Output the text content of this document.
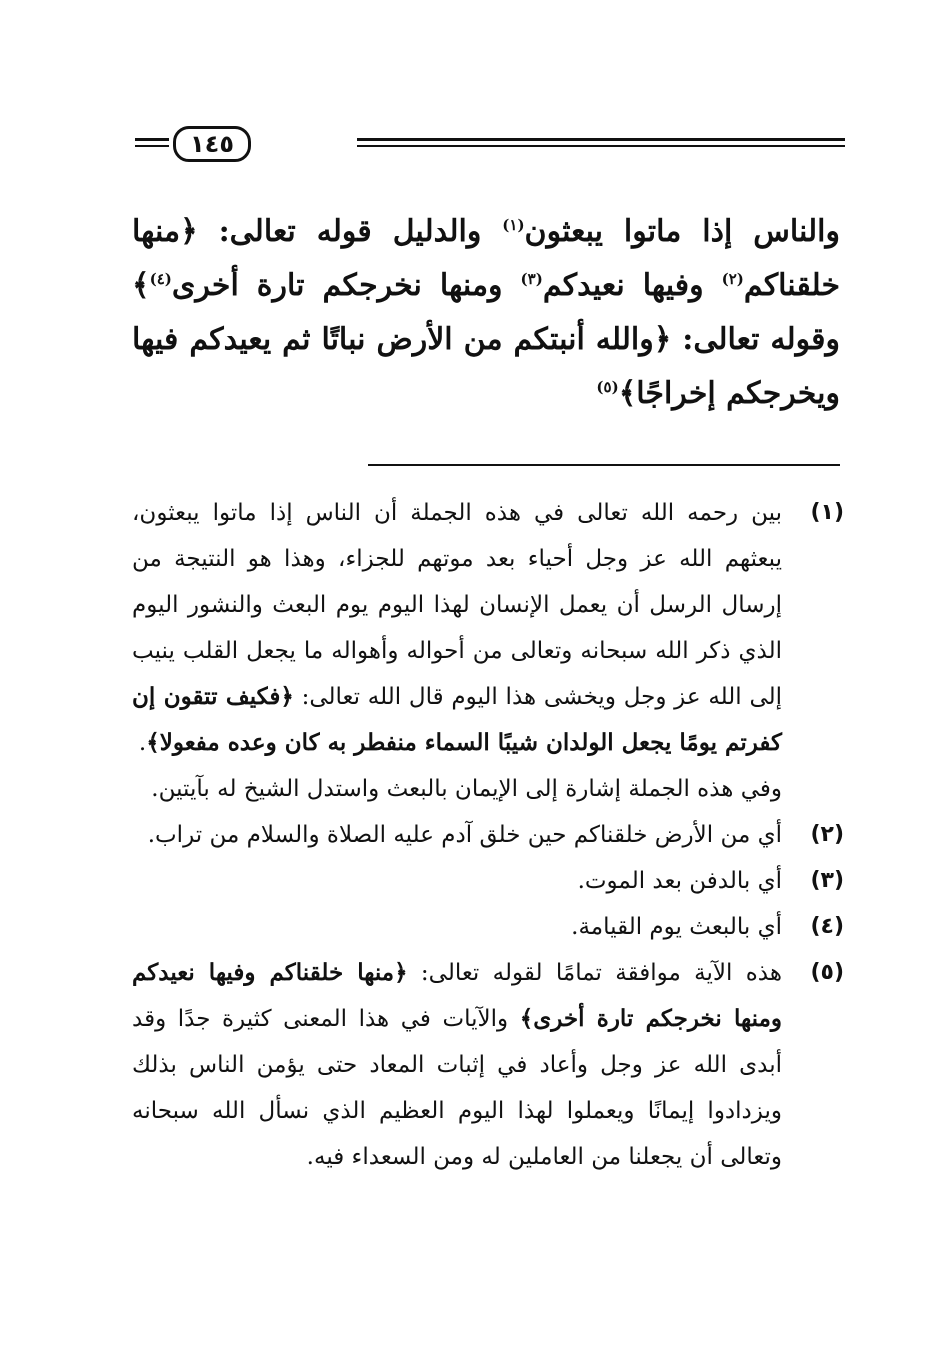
١٤٥
والناس إذا ماتوا يبعثون$^{(١)}$ والدليل قوله تعالى: ﴿منها خلقناكم$^{(٢)}$ وفيها نعيدكم$^{(٣)}$ ومنها نخرجكم تارة أخرى$^{(٤)}$﴾وقوله تعالى: ﴿والله أنبتكم من الأرض نباتًا ثم يعيدكم فيها ويخرجكم إخراجًا﴾$^{(٥)}$
(١)
بين رحمه الله تعالى في هذه الجملة أن الناس إذا ماتوا يبعثون، يبعثهم الله عز وجل أحياء بعد موتهم للجزاء، وهذا هو النتيجة من إرسال الرسل أن يعمل الإنسان لهذا اليوم يوم البعث والنشور اليوم الذي ذكر الله سبحانه وتعالى من أحواله وأهواله ما يجعل القلب ينيب إلى الله عز وجل ويخشى هذا اليوم قال الله تعالى: ﴿فكيف تتقون إن كفرتم يومًا يجعل الولدان شيبًا السماء منفطر به كان وعده مفعولا﴾.
وفي هذه الجملة إشارة إلى الإيمان بالبعث واستدل الشيخ له بآيتين.
(٢)
أي من الأرض خلقناكم حين خلق آدم عليه الصلاة والسلام من تراب.
(٣)
أي بالدفن بعد الموت.
(٤)
أي بالبعث يوم القيامة.
(٥)
هذه الآية موافقة تمامًا لقوله تعالى: ﴿منها خلقناكم وفيها نعيدكم ومنها نخرجكم تارة أخرى﴾ والآيات في هذا المعنى كثيرة جدًا وقد أبدى الله عز وجل وأعاد في إثبات المعاد حتى يؤمن الناس بذلك ويزدادوا إيمانًا ويعملوا لهذا اليوم العظيم الذي نسأل الله سبحانه وتعالى أن يجعلنا من العاملين له ومن السعداء فيه.
